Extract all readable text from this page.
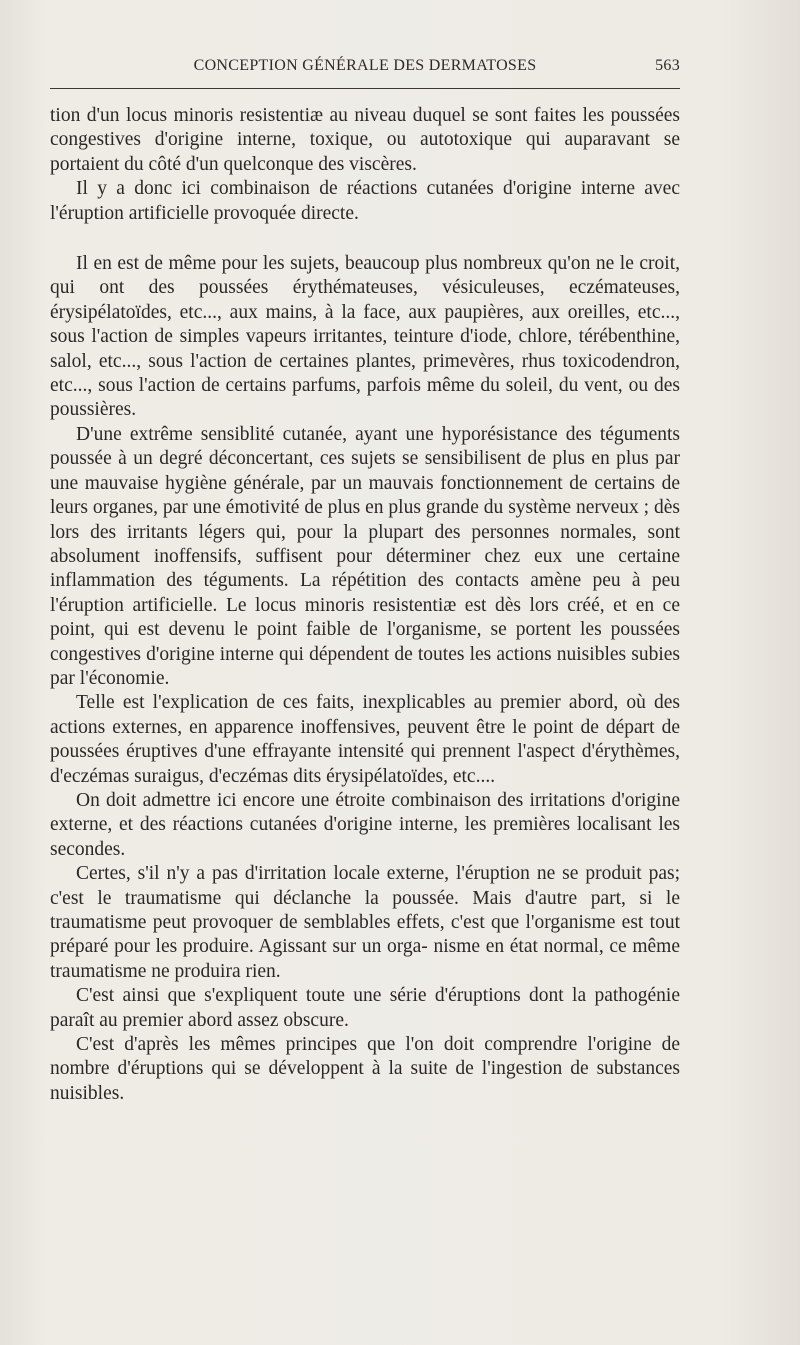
CONCEPTION GÉNÉRALE DES DERMATOSES	563

tion d'un locus minoris resistentiæ au niveau duquel se sont faites les poussées congestives d'origine interne, toxique, ou autotoxique qui auparavant se portaient du côté d'un quelconque des viscères.

Il y a donc ici combinaison de réactions cutanées d'origine interne avec l'éruption artificielle provoquée directe.

Il en est de même pour les sujets, beaucoup plus nombreux qu'on ne le croit, qui ont des poussées érythémateuses, vésiculeuses, eczémateuses, érysipélatoïdes, etc..., aux mains, à la face, aux paupières, aux oreilles, etc..., sous l'action de simples vapeurs irritantes, teinture d'iode, chlore, térébenthine, salol, etc..., sous l'action de certaines plantes, primevères, rhus toxicodendron, etc..., sous l'action de certains parfums, parfois même du soleil, du vent, ou des poussières.

D'une extrême sensiblité cutanée, ayant une hyporésistance des téguments poussée à un degré déconcertant, ces sujets se sensibilisent de plus en plus par une mauvaise hygiène générale, par un mauvais fonctionnement de certains de leurs organes, par une émotivité de plus en plus grande du système nerveux ; dès lors des irritants légers qui, pour la plupart des personnes normales, sont absolument inoffensifs, suffisent pour déterminer chez eux une certaine inflammation des téguments. La répétition des contacts amène peu à peu l'éruption artificielle. Le locus minoris resistentiæ est dès lors créé, et en ce point, qui est devenu le point faible de l'organisme, se portent les poussées congestives d'origine interne qui dépendent de toutes les actions nuisibles subies par l'économie.

Telle est l'explication de ces faits, inexplicables au premier abord, où des actions externes, en apparence inoffensives, peuvent être le point de départ de poussées éruptives d'une effrayante intensité qui prennent l'aspect d'érythèmes, d'eczémas suraigus, d'eczémas dits érysipélatoïdes, etc....

On doit admettre ici encore une étroite combinaison des irritations d'origine externe, et des réactions cutanées d'origine interne, les premières localisant les secondes.

Certes, s'il n'y a pas d'irritation locale externe, l'éruption ne se produit pas; c'est le traumatisme qui déclanche la poussée. Mais d'autre part, si le traumatisme peut provoquer de semblables effets, c'est que l'organisme est tout préparé pour les produire. Agissant sur un orga- nisme en état normal, ce même traumatisme ne produira rien.

C'est ainsi que s'expliquent toute une série d'éruptions dont la pathogénie paraît au premier abord assez obscure.

C'est d'après les mêmes principes que l'on doit comprendre l'origine de nombre d'éruptions qui se développent à la suite de l'ingestion de substances nuisibles.
